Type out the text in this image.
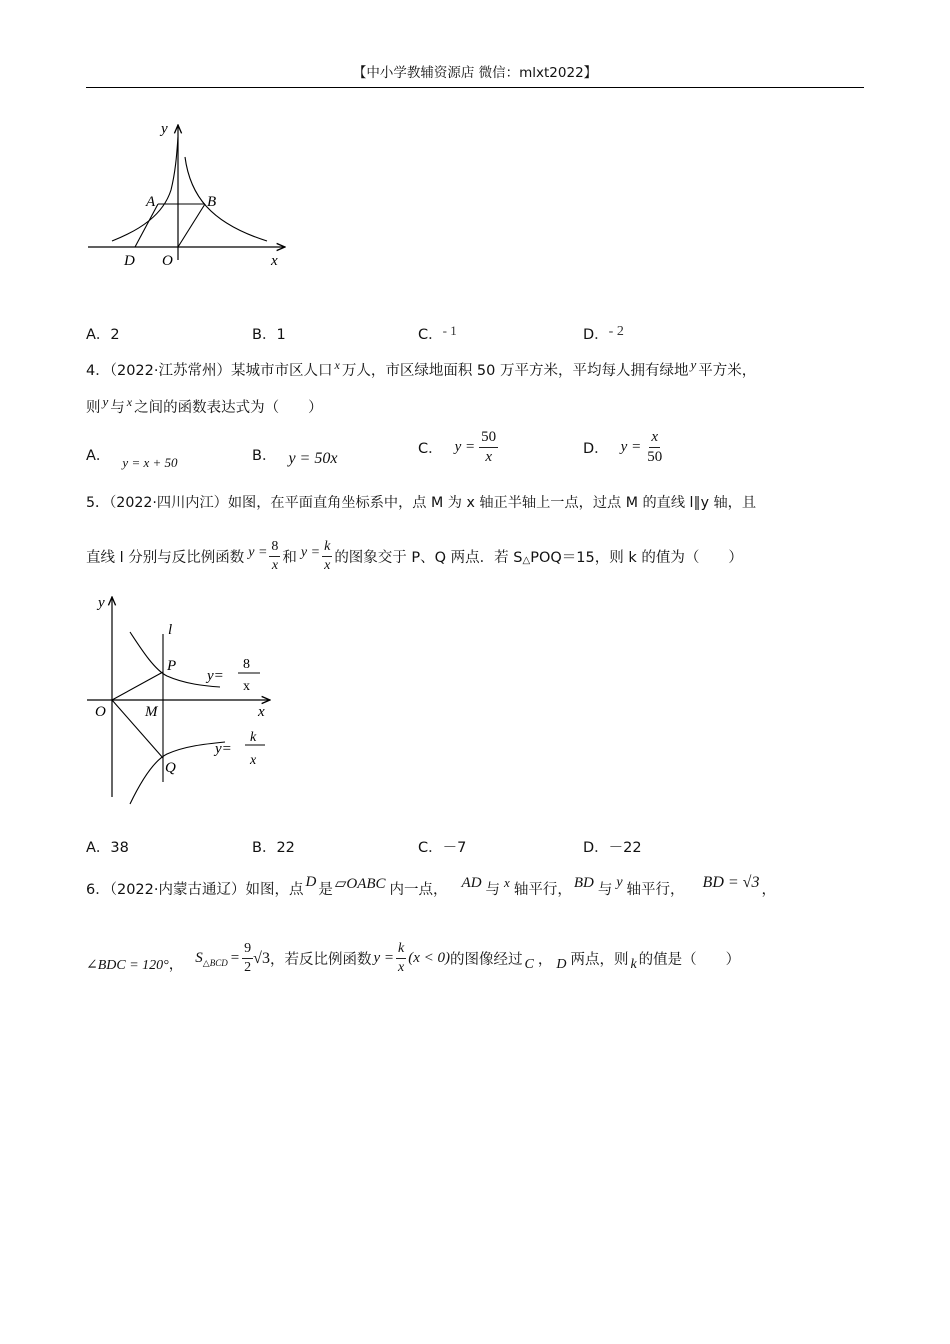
【中小学教辅资源店 微信：mlxt2022】
y
x
A	B
D O
A．2	B．1	C．- 1	D．- 2
4．（2022·江苏常州）某城市市区人口 $^x$ 万人，市区绿地面积 50 万平方米，平均每人拥有绿地 y 平方米，
则 y 与 $^x$ 之间的函数表达式为（　　）
A． y = x + 50	B． y = 50x
C． $y = \frac{50}{x}$	D． $y = \frac{x}{50}$
5．（2022·四川内江）如图，在平面直角坐标系中，点 M 为 x 轴正半轴上一点，过点 M 的直线 l∥y 轴，且
直线 l 分别与反比例函数 $y = \frac{8}{x}$ 和 $y = \frac{k}{x}$ 的图象交于 P、Q 两点．若 S △ POQ＝15，则 k 的值为（　　）
y
x
l
P
Q
O	M
y=
8
x
y=
k
x
A．38	B．22	C．－7	D．－22
6．（2022·内蒙古通辽）如图，点 D 是 ▱OABC 内一点， AD 与 x 轴平行， BD 与 y 轴平行， BD = √3 ，
∠BDC = 120° ， S △BCD = $\frac{9}{2} √3$ ，若反比例函数 $y = \frac{k}{x} (x < 0)$ 的图像经过 C ， D 两点，则 k 的值是（　　）
